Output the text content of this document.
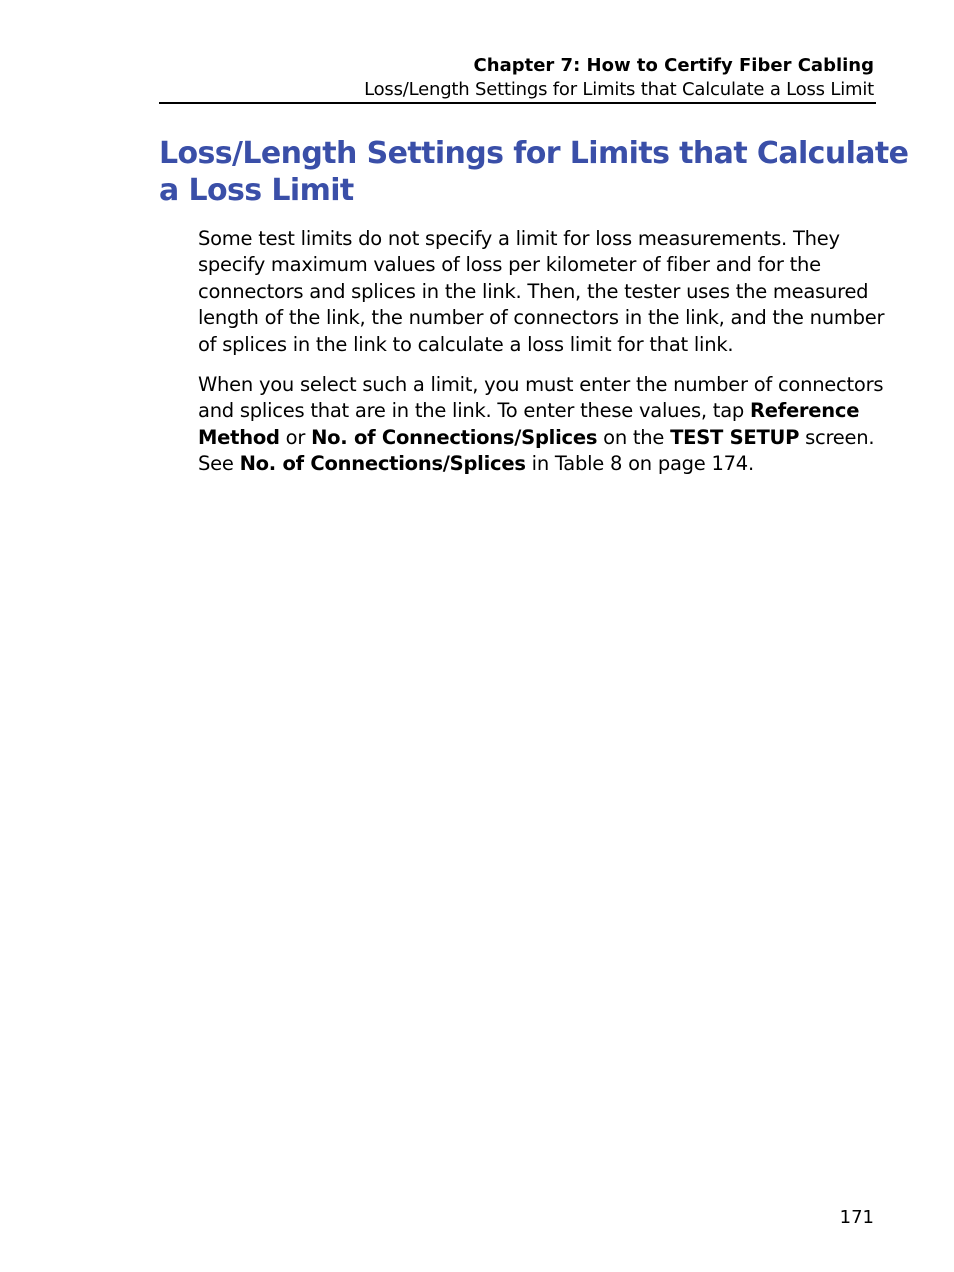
Chapter 7: How to Certify Fiber Cabling
Loss/Length Settings for Limits that Calculate a Loss Limit
Loss/Length Settings for Limits that Calculate
a Loss Limit

Some test limits do not specify a limit for loss measurements. They specify maximum values of loss per kilometer of fiber and for the connectors and splices in the link. Then, the tester uses the measured length of the link, the number of connectors in the link, and the number of splices in the link to calculate a loss limit for that link.

When you select such a limit, you must enter the number of connectors and splices that are in the link. To enter these values, tap Reference Method or No. of Connections/Splices on the TEST SETUP screen. See No. of Connections/Splices in Table 8 on page 174.

171
